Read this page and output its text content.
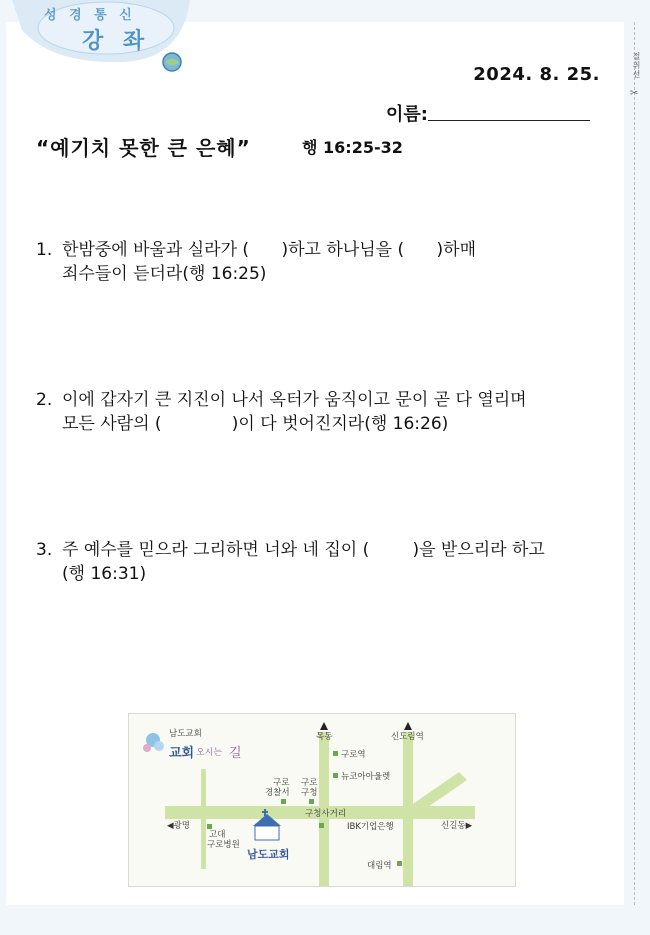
성 경 통 신
강 좌
절취선
✂
2024. 8. 25.
이름:
“예기치 못한 큰 은혜”	행 16:25-32
1. 한밤중에 바울과 실라가 (      )하고 하나님을 (      )하매
죄수들이 듣더라(행 16:25)
2. 이에 갑자기 큰 지진이 나서 옥터가 움직이고 문이 곧 다 열리며
모든 사람의 (             )이 다 벗어진지라(행 16:26)
3. 주 예수를 믿으라 그리하면 너와 네 집이 (        )을 받으리라 하고
(행 16:31)
남도교회
교회 오시는 길
목동	신도림역
구로역
뉴코아아울렛
구로
경찰서
구로
구청
구청사거리
◀광명	신길동▶
고대
구로병원
IBK기업은행
남도교회
대림역
